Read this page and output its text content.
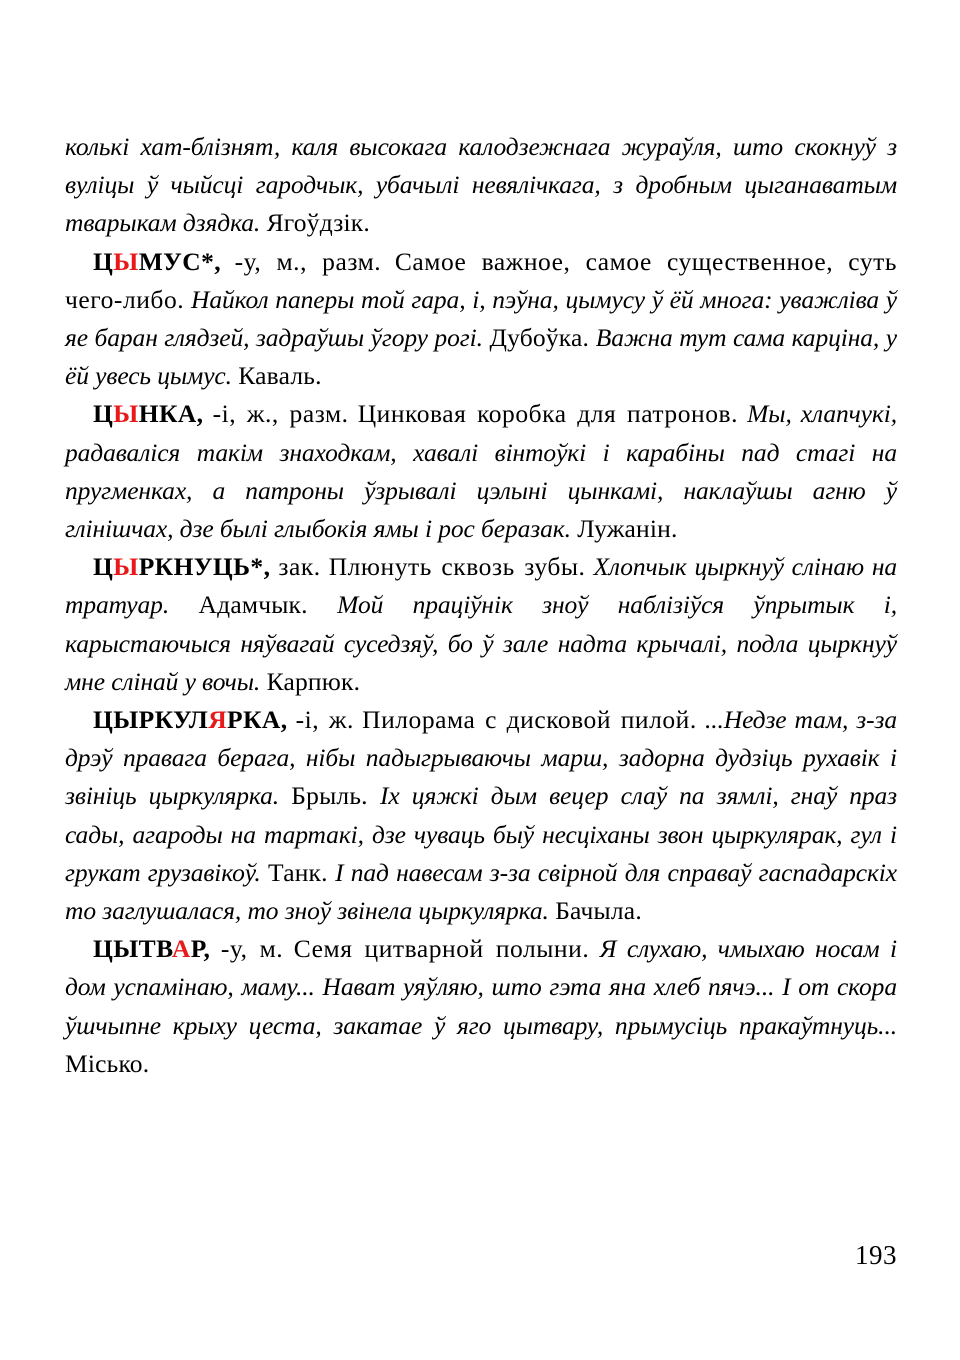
колькі хат-блізнят, каля высокага калодзежнага жураўля, што скокнуў з вуліцы ў чыйсці гародчык, убачылі невялічкага, з дробным цыганаватым тварыкам дзядка. Ягоўдзік.

ЦЫМУС*, -у, м., разм. Самое важное, самое существенное, суть чего-либо. Найкол паперы той гара, і, пэўна, цымусу ў ёй многа: уважліва ў яе баран глядзей, задраўшы ўгору рогі. Дубоўка. Важна тут сама карціна, у ёй увесь цымус. Каваль.

ЦЫНКА, -і, ж., разм. Цинковая коробка для патронов. Мы, хлапчукі, радаваліся такім знаходкам, хавалі вінтоўкі і карабіны пад стагі на пругменках, а патроны ўзрывалі цэлыні цынкамі, наклаўшы агню ў глінішчах, дзе былі глыбокія ямы і рос беразак. Лужанін.

ЦЫРКНУЦЬ*, зак. Плюнуть сквозь зубы. Хлопчык цыркнуў слінаю на тратуар. Адамчык. Мой праціўнік зноў наблізіўся ўпрытык і, карыстаючыся няўвагай суседзяў, бо ў зале надта крычалі, подла цыркнуў мне слінай у вочы. Карпюк.

ЦЫРКУЛЯРКА, -і, ж. Пилорама с дисковой пилой. ...Недзе там, з-за дрэў правага берага, нібы падыгрываючы марш, задорна дудзіць рухавік і звініць цыркулярка. Брыль. Іх цяжкі дым вецер слаў па зямлі, гнаў праз сады, агароды на тартакі, дзе чуваць быў несціханы звон цыркулярак, гул і грукат грузавікоў. Танк. І пад навесам з-за свірной для справаў гаспадарскіх то заглушалася, то зноў звінела цыркулярка. Бачыла.

ЦЫТВАР, -у, м. Семя цитварной полыни. Я слухаю, чмыхаю носам і дом успамінаю, маму... Нават уяўляю, што гэта яна хлеб пячэ... І от скора ўшчыпне крыху цеста, закатае ў яго цытвару, прымусіць пракаўтнуць... Місько.

193
